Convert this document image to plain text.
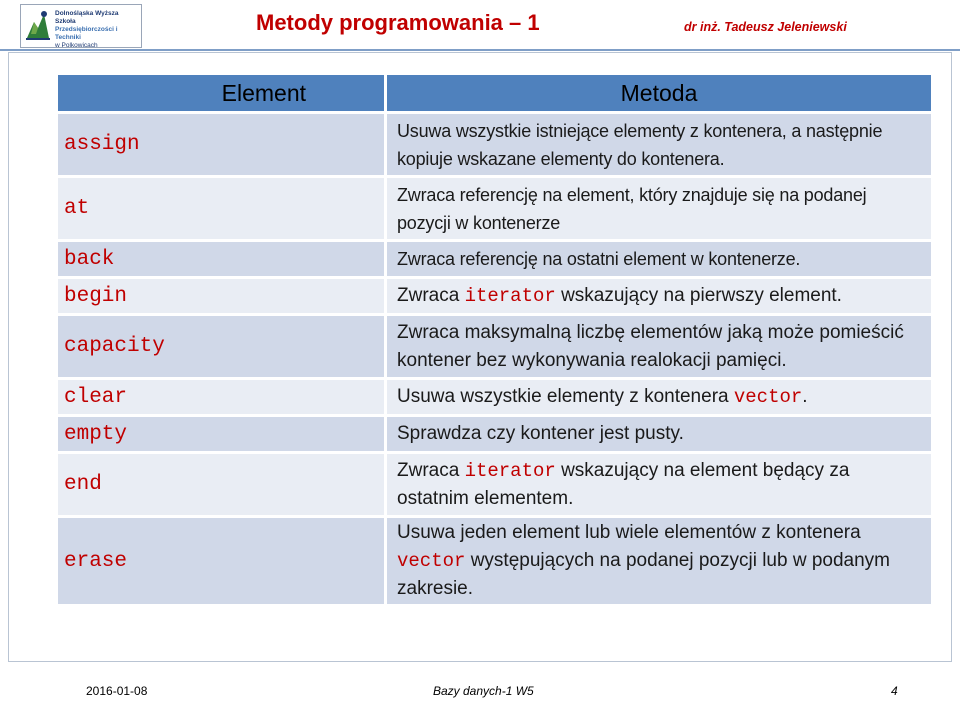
Dolnośląska Wyższa Szkoła
Przedsiębiorczości i Techniki
w Polkowicach
Metody programowania – 1	dr inż. Tadeusz Jeleniewski
Element	Metoda
assign	Usuwa wszystkie istniejące elementy z kontenera, a następnie kopiuje wskazane elementy do kontenera.
at	Zwraca referencję na element, który znajduje się na podanej pozycji w kontenerze
back	Zwraca referencję na ostatni element w kontenerze.
begin	Zwraca iterator wskazujący na pierwszy element.
capacity	Zwraca maksymalną liczbę elementów jaką może pomieścić kontener bez wykonywania realokacji pamięci.
clear	Usuwa wszystkie elementy z kontenera vector.
empty	Sprawdza czy kontener jest pusty.
end	Zwraca iterator wskazujący na element będący za ostatnim elementem.
erase	Usuwa jeden element lub wiele elementów z kontenera vector występujących na podanej pozycji lub w podanym zakresie.
2016-01-08	Bazy danych-1 W5	4
